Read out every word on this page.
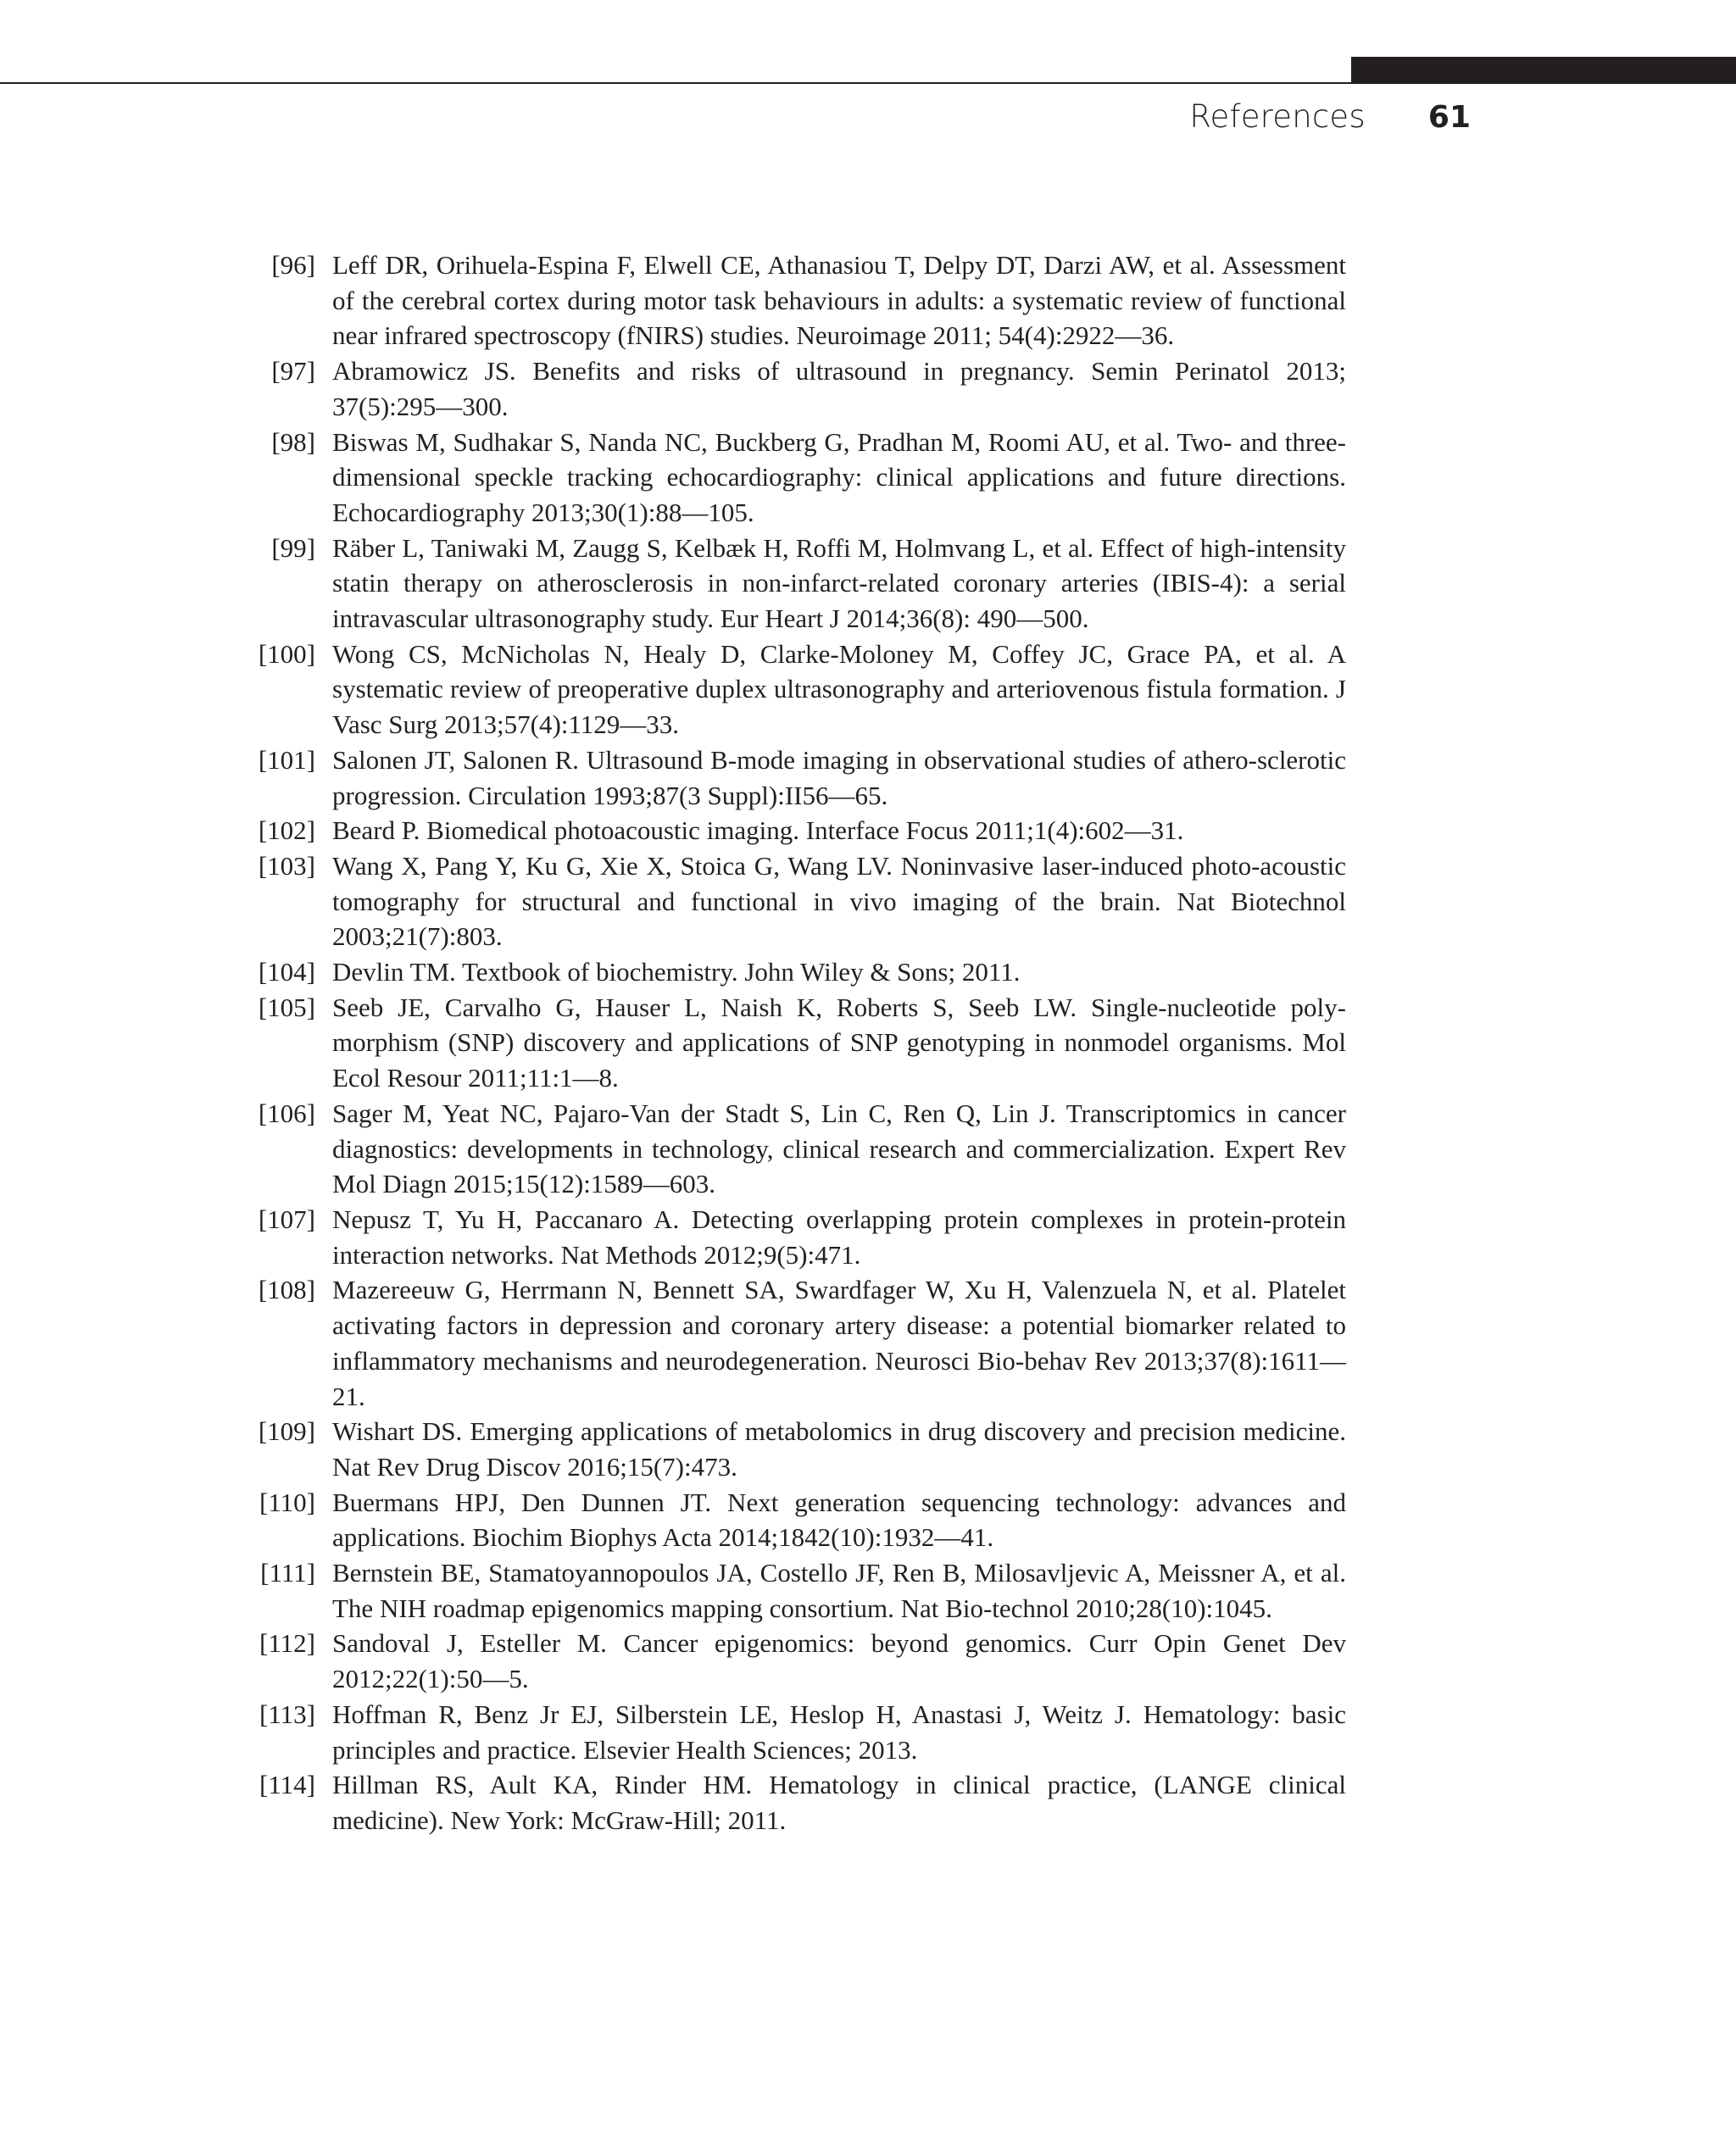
References 61
[96] Leff DR, Orihuela-Espina F, Elwell CE, Athanasiou T, Delpy DT, Darzi AW, et al. Assessment of the cerebral cortex during motor task behaviours in adults: a systematic review of functional near infrared spectroscopy (fNIRS) studies. Neuroimage 2011; 54(4):2922—36.
[97] Abramowicz JS. Benefits and risks of ultrasound in pregnancy. Semin Perinatol 2013; 37(5):295—300.
[98] Biswas M, Sudhakar S, Nanda NC, Buckberg G, Pradhan M, Roomi AU, et al. Two- and three-dimensional speckle tracking echocardiography: clinical applications and future directions. Echocardiography 2013;30(1):88—105.
[99] Räber L, Taniwaki M, Zaugg S, Kelbæk H, Roffi M, Holmvang L, et al. Effect of high-intensity statin therapy on atherosclerosis in non-infarct-related coronary arteries (IBIS-4): a serial intravascular ultrasonography study. Eur Heart J 2014;36(8): 490—500.
[100] Wong CS, McNicholas N, Healy D, Clarke-Moloney M, Coffey JC, Grace PA, et al. A systematic review of preoperative duplex ultrasonography and arteriovenous fistula formation. J Vasc Surg 2013;57(4):1129—33.
[101] Salonen JT, Salonen R. Ultrasound B-mode imaging in observational studies of athero-sclerotic progression. Circulation 1993;87(3 Suppl):II56—65.
[102] Beard P. Biomedical photoacoustic imaging. Interface Focus 2011;1(4):602—31.
[103] Wang X, Pang Y, Ku G, Xie X, Stoica G, Wang LV. Noninvasive laser-induced photo-acoustic tomography for structural and functional in vivo imaging of the brain. Nat Biotechnol 2003;21(7):803.
[104] Devlin TM. Textbook of biochemistry. John Wiley & Sons; 2011.
[105] Seeb JE, Carvalho G, Hauser L, Naish K, Roberts S, Seeb LW. Single-nucleotide poly-morphism (SNP) discovery and applications of SNP genotyping in nonmodel organisms. Mol Ecol Resour 2011;11:1—8.
[106] Sager M, Yeat NC, Pajaro-Van der Stadt S, Lin C, Ren Q, Lin J. Transcriptomics in cancer diagnostics: developments in technology, clinical research and commercialization. Expert Rev Mol Diagn 2015;15(12):1589—603.
[107] Nepusz T, Yu H, Paccanaro A. Detecting overlapping protein complexes in protein-protein interaction networks. Nat Methods 2012;9(5):471.
[108] Mazereeuw G, Herrmann N, Bennett SA, Swardfager W, Xu H, Valenzuela N, et al. Platelet activating factors in depression and coronary artery disease: a potential biomarker related to inflammatory mechanisms and neurodegeneration. Neurosci Bio-behav Rev 2013;37(8):1611—21.
[109] Wishart DS. Emerging applications of metabolomics in drug discovery and precision medicine. Nat Rev Drug Discov 2016;15(7):473.
[110] Buermans HPJ, Den Dunnen JT. Next generation sequencing technology: advances and applications. Biochim Biophys Acta 2014;1842(10):1932—41.
[111] Bernstein BE, Stamatoyannopoulos JA, Costello JF, Ren B, Milosavljevic A, Meissner A, et al. The NIH roadmap epigenomics mapping consortium. Nat Bio-technol 2010;28(10):1045.
[112] Sandoval J, Esteller M. Cancer epigenomics: beyond genomics. Curr Opin Genet Dev 2012;22(1):50—5.
[113] Hoffman R, Benz Jr EJ, Silberstein LE, Heslop H, Anastasi J, Weitz J. Hematology: basic principles and practice. Elsevier Health Sciences; 2013.
[114] Hillman RS, Ault KA, Rinder HM. Hematology in clinical practice, (LANGE clinical medicine). New York: McGraw-Hill; 2011.
